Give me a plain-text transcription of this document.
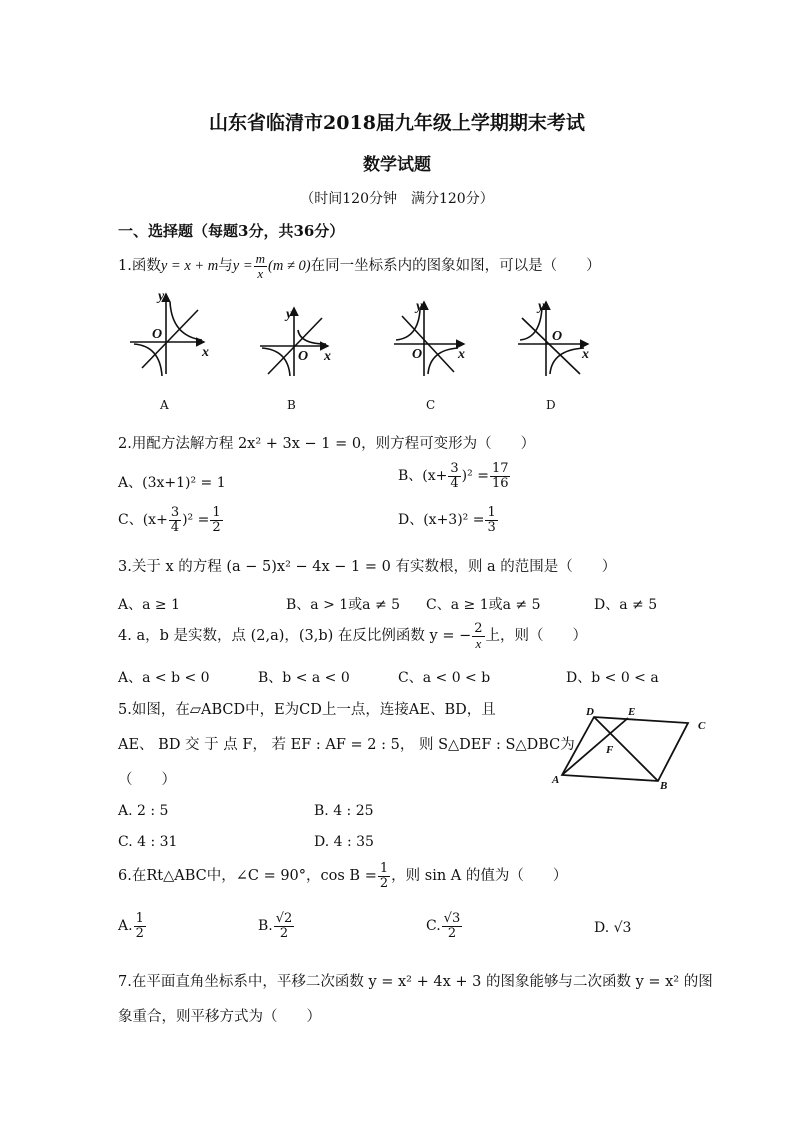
山东省临清市2018届九年级上学期期末考试
数学试题
（时间120分钟　满分120分）
一、选择题（每题3分，共36分）
1.函数y = x + m与$y = \frac{m}{x} (m \ne 0)$在同一坐标系内的图象如图，可以是（　　）
y
x
O
y
x
O
y
x
O
y
x
O
A	B	C	D
2.用配方法解方程 2x² + 3x − 1 = 0，则方程可变形为（　　）
A、(3x+1)² = 1	B、$(x+ \frac{3}{4} )^2 = \frac{17}{16}$
C、$(x+ \frac{3}{4} )^2 = \frac{1}{2}$	D、$(x+3)^2 = \frac{1}{3}$
3.关于 x 的方程 (a − 5)x² − 4x − 1 = 0 有实数根，则 a 的范围是（　　）
A、a ≥ 1	B、a > 1或a ≠ 5 C、a ≥ 1或a ≠ 5	D、a ≠ 5
4. a，b 是实数，点 (2,a)，(3,b) 在反比例函数 y = − $\frac{2}{x}$ 上，则（　　）
A、a < b < 0	B、b < a < 0	C、a < 0 < b	D、b < 0 < a
5.如图，在▱ABCD中，E为CD上一点，连接AE、BD，且
AE、 BD 交 于 点 F， 若 EF : AF = 2 : 5， 则 S△DEF : S△DBC为
（　　）
A. 2 : 5	B. 4 : 25
C. 4 : 31	D. 4 : 35
D	E
C
F
A	B
6.在Rt△ABC中，∠C = 90°，$\cos B = \frac{1}{2}$ ，则 sin A 的值为（　　）
A. $\frac{1}{2}$	B. $\frac{√2}{2}$	C. $\frac{√3}{2}$	D. √3
7.在平面直角坐标系中，平移二次函数 y = x² + 4x + 3 的图象能够与二次函数 y = x² 的图
象重合，则平移方式为（　　）
